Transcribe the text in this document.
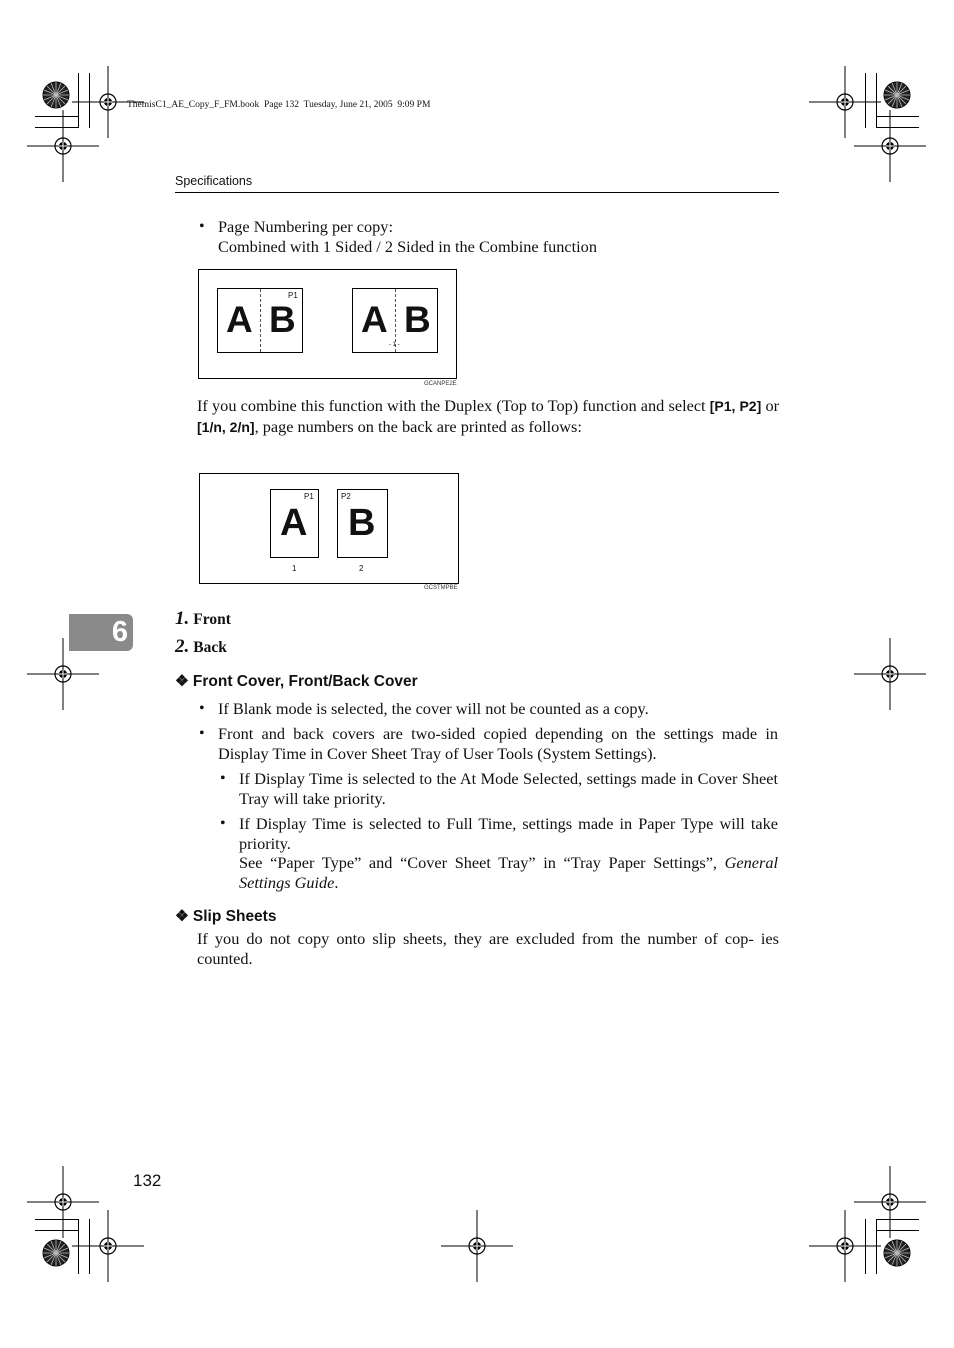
ThemisC1_AE_Copy_F_FM.book  Page 132  Tuesday, June 21, 2005  9:09 PM
Specifications
6
• Page Numbering per copy:
Combined with 1 Sided / 2 Sided in the Combine function
A B
P1
A B
- 1 -
GCANPE2E
If you combine this function with the Duplex (Top to Top) function and select [P1, P2] or [1/n, 2/n], page numbers on the back are printed as follows:
P1
A
P2
B
1	2
GCSTMPBE
1. Front
2. Back
❖ Front Cover, Front/Back Cover
• If Blank mode is selected, the cover will not be counted as a copy.
• Front and back covers are two-sided copied depending on the settings made in Display Time in Cover Sheet Tray of User Tools (System Settings).
• If Display Time is selected to the At Mode Selected, settings made in Cover Sheet Tray will take priority.
• If Display Time is selected to Full Time, settings made in Paper Type will take priority.
See “Paper Type” and “Cover Sheet Tray” in “Tray Paper Settings”, General Settings Guide.
❖ Slip Sheets
If you do not copy onto slip sheets, they are excluded from the number of cop- ies counted.
132
